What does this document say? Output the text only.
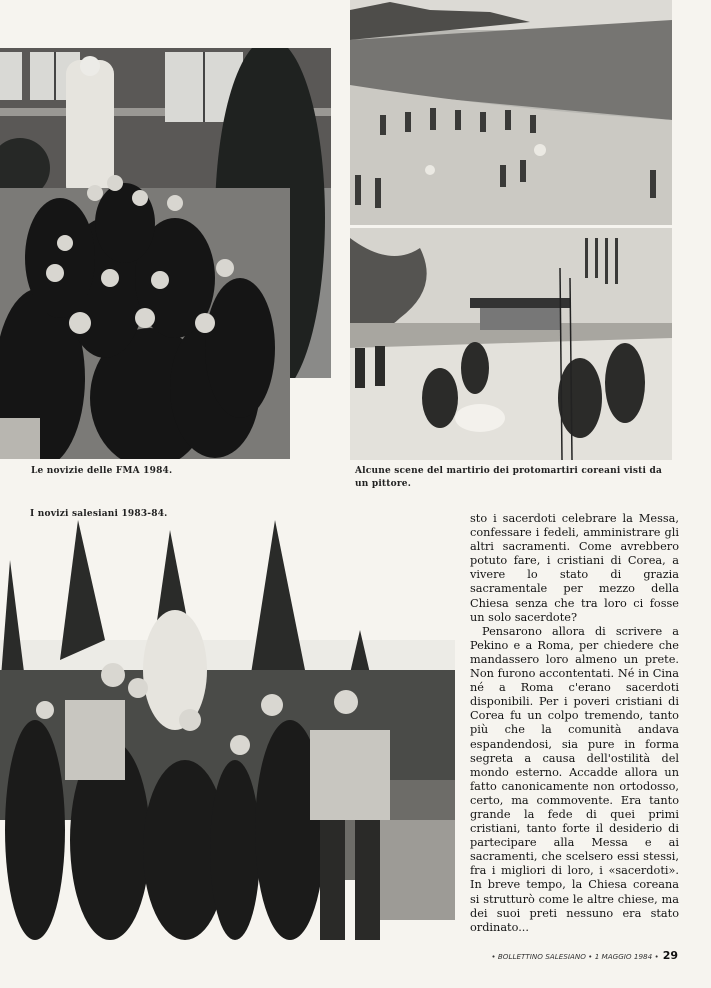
Le novizie delle FMA 1984.	Alcune scene del martirio dei protomartiri coreani visti da un pittore.
I novizi salesiani 1983-84.	sto i sacerdoti celebrare la Messa, confessare i fedeli, amministrare gli altri sacramenti. Come avrebbero potuto fare, i cristiani di Corea, a vivere lo stato di grazia sacramentale per mezzo della Chiesa senza che tra loro ci fosse un solo sacerdote?

Pensarono allora di scrivere a Pekino e a Roma, per chiedere che mandassero loro almeno un prete. Non furono accontentati. Né in Cina né a Roma c'erano sacerdoti disponibili. Per i poveri cristiani di Corea fu un colpo tremendo, tanto più che la comunità andava espandendosi, sia pure in forma segreta a causa dell'ostilità del mondo esterno. Accadde allora un fatto canonicamente non ortodosso, certo, ma commovente. Era tanto grande la fede di quei primi cristiani, tanto forte il desiderio di partecipare alla Messa e ai sacramenti, che scelsero essi stessi, fra i migliori di loro, i «sacerdoti». In breve tempo, la Chiesa coreana si strutturò come le altre chiese, ma dei suoi preti nessuno era stato ordinato...

• BOLLETTINO SALESIANO • 1 MAGGIO 1984 • 29
